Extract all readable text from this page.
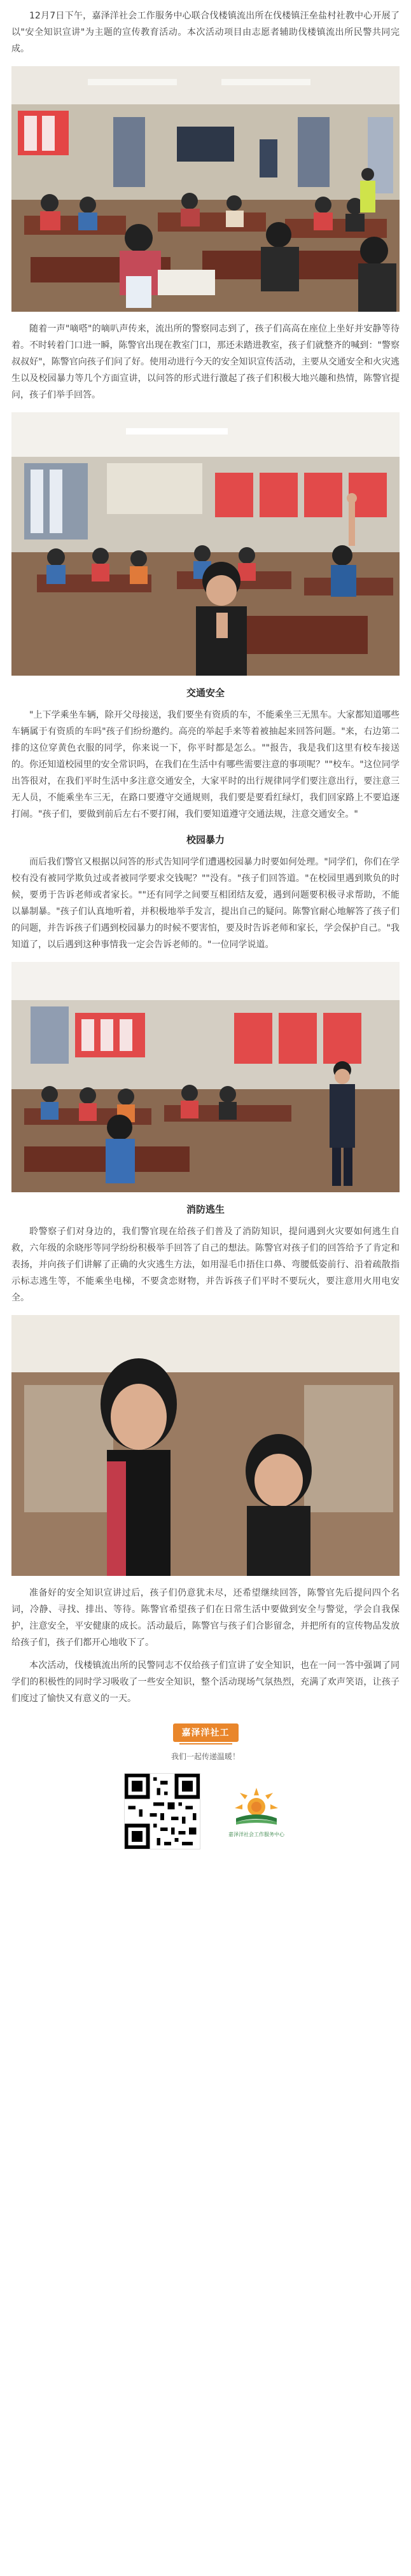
12月7日下午，嘉泽洋社会工作服务中心联合伐楼镇流出所在伐楼镇汪垒盐村社教中心开展了以"安全知识宣讲"为主题的宣传教育活动。本次活动项目由志愿者辅助伐楼镇流出所民警共同完成。

随着一声"嘀嗒"的嘀叭声传来，流出所的警察同志到了，孩子们高高在座位上坐好并安静等待着。不时转着门口进一瞬，陈警官出现在教室门口，那还未踏进教室，孩子们就整齐的喊到："警察叔叔好"，陈警官向孩子们问了好。使用动进行今天的安全知识宣传活动，主要从交通安全和火灾逃生以及校园暴力等几个方面宣讲，以问答的形式进行激起了孩子们积极大地兴趣和热情，陈警官提问，孩子们举手回答。

交通安全

"上下学乘坐车辆，除开父母接送，我们要坐有资质的车，不能乘坐三无黑车。大家都知道哪些车辆属于有资质的车吗"孩子们纷纷邀约。高亮的举起手来等着被抽起来回答问题。"来，右边第二排的这位穿黄色衣服的同学，你来说一下，你平时都是怎么。""报告，我是我们这里有校车接送的。你还知道校园里的安全常识吗，在我们在生活中有哪些需要注意的事项呢？""校车。"这位同学出答很对，在我们平时生活中多注意交通安全，大家平时的出行规律同学们要注意出行，要注意三无人员，不能乘坐车三无，在路口要遵守交通规则，我们要是要看红绿灯，我们回家路上不要追逐打闹。"孩子们，要做到前后左右不要打闹，我们要知道遵守交通法规，注意交通安全。"

校园暴力

而后我们警官又根据以问答的形式告知同学们遭遇校园暴力时要如何处理。"同学们，你们在学校有没有被同学欺负过或者被同学要求交钱呢？""没有。"孩子们回答道。"在校园里遇到欺负的时候，要勇于告诉老师或者家长。""还有同学之间要互相团结友爱，遇到问题要积极寻求帮助，不能以暴制暴。"孩子们认真地听着，并积极地举手发言，提出自己的疑问。陈警官耐心地解答了孩子们的问题，并告诉孩子们遇到校园暴力的时候不要害怕，要及时告诉老师和家长，学会保护自己。"我知道了，以后遇到这种事情我一定会告诉老师的。"一位同学说道。

消防逃生

聆警察子们对身边的，我们警官现在给孩子们普及了消防知识，提问遇到火灾要如何逃生自救，六年级的余晓彤等同学纷纷积极举手回答了自己的想法。陈警官对孩子们的回答给予了肯定和表扬，并向孩子们讲解了正确的火灾逃生方法，如用湿毛巾捂住口鼻、弯腰低姿前行、沿着疏散指示标志逃生等，不能乘坐电梯，不要贪恋财物，并告诉孩子们平时不要玩火，要注意用火用电安全。

准备好的安全知识宣讲过后，孩子们仍意犹未尽，还希望继续回答，陈警官先后提问四个名词，冷静、寻找、排出、等待。陈警官希望孩子们在日常生活中要做到安全与警觉，学会自我保护，注意安全，平安健康的成长。活动最后，陈警官与孩子们合影留念，并把所有的宣传物品发放给孩子们，孩子们都开心地收下了。

本次活动，伐楼镇流出所的民警同志不仅给孩子们宣讲了安全知识，也在一问一答中强调了同学们的积极性的同时学习吸收了一些安全知识，整个活动现场气氛热烈，充满了欢声笑语，让孩子们度过了愉快又有意义的一天。

嘉泽洋社工
我们一起传递温暖！
嘉泽洋社会工作服务中心
